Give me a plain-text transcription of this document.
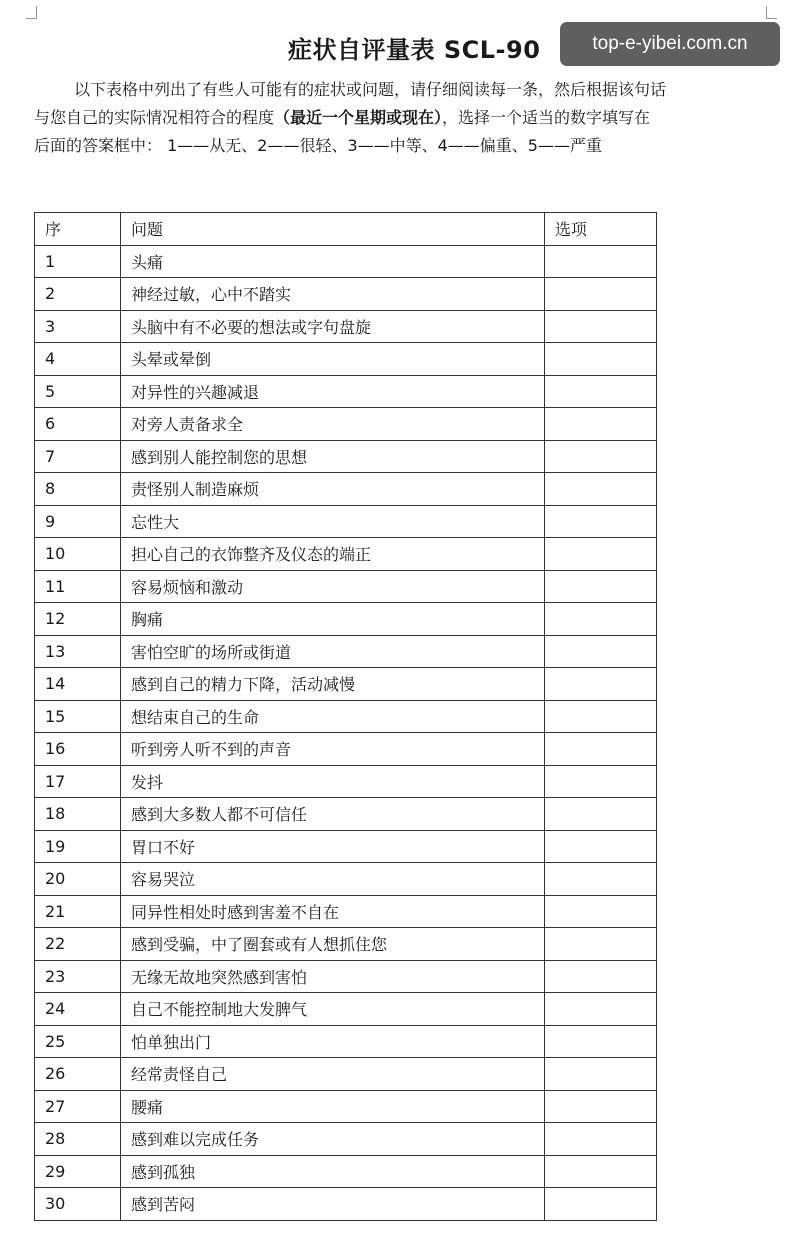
症状自评量表 SCL-90	top-e-yibei.com.cn

以下表格中列出了有些人可能有的症状或问题，请仔细阅读每一条，然后根据该句话

与您自己的实际情况相符合的程度（最近一个星期或现在），选择一个适当的数字填写在

后面的答案框中： 1——从无、2——很轻、3——中等、4——偏重、5——严重

序	问题	选项
1	头痛	
2	神经过敏，心中不踏实	
3	头脑中有不必要的想法或字句盘旋	
4	头晕或晕倒	
5	对异性的兴趣减退	
6	对旁人责备求全	
7	感到别人能控制您的思想	
8	责怪别人制造麻烦	
9	忘性大	
10	担心自己的衣饰整齐及仪态的端正	
11	容易烦恼和激动	
12	胸痛	
13	害怕空旷的场所或街道	
14	感到自己的精力下降，活动减慢	
15	想结束自己的生命	
16	听到旁人听不到的声音	
17	发抖	
18	感到大多数人都不可信任	
19	胃口不好	
20	容易哭泣	
21	同异性相处时感到害羞不自在	
22	感到受骗，中了圈套或有人想抓住您	
23	无缘无故地突然感到害怕	
24	自己不能控制地大发脾气	
25	怕单独出门	
26	经常责怪自己	
27	腰痛	
28	感到难以完成任务	
29	感到孤独	
30	感到苦闷	
